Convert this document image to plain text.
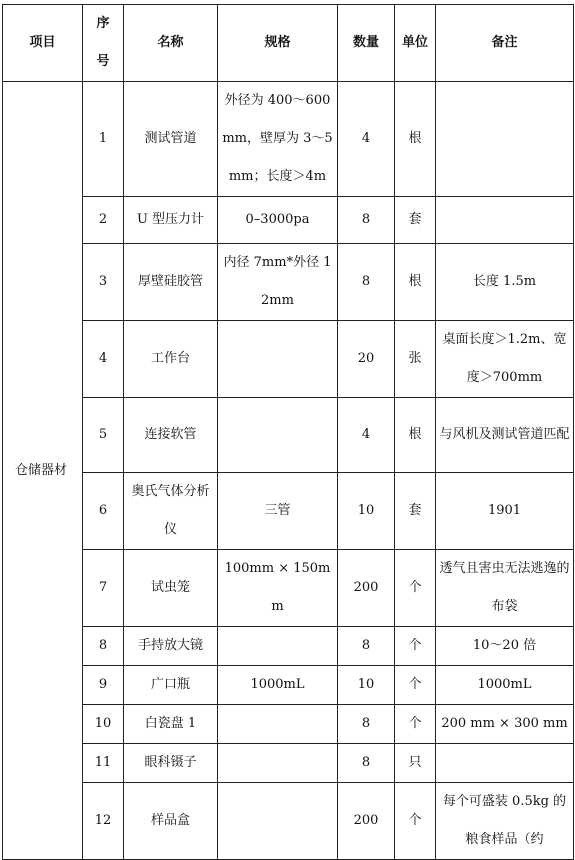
项目	序号	名称	规格	数量	单位	备注
仓储器材	1	测试管道	外径为 400～600mm，壁厚为 3～5mm；长度＞4m	4	根	
	2	U 型压力计	0–3000pa	8	套	
	3	厚壁硅胶管	内径 7mm*外径 12mm	8	根	长度 1.5m
	4	工作台		20	张	桌面长度＞1.2m、宽度＞700mm
	5	连接软管		4	根	与风机及测试管道匹配
	6	奥氏气体分析仪	三管	10	套	1901
	7	试虫笼	100mm × 150mm	200	个	透气且害虫无法逃逸的布袋
	8	手持放大镜		8	个	10～20 倍
	9	广口瓶	1000mL	10	个	1000mL
	10	白瓷盘 1		8	个	200 mm × 300 mm
	11	眼科镊子		8	只	
	12	样品盒		200	个	每个可盛装 0.5kg 的粮食样品（约
